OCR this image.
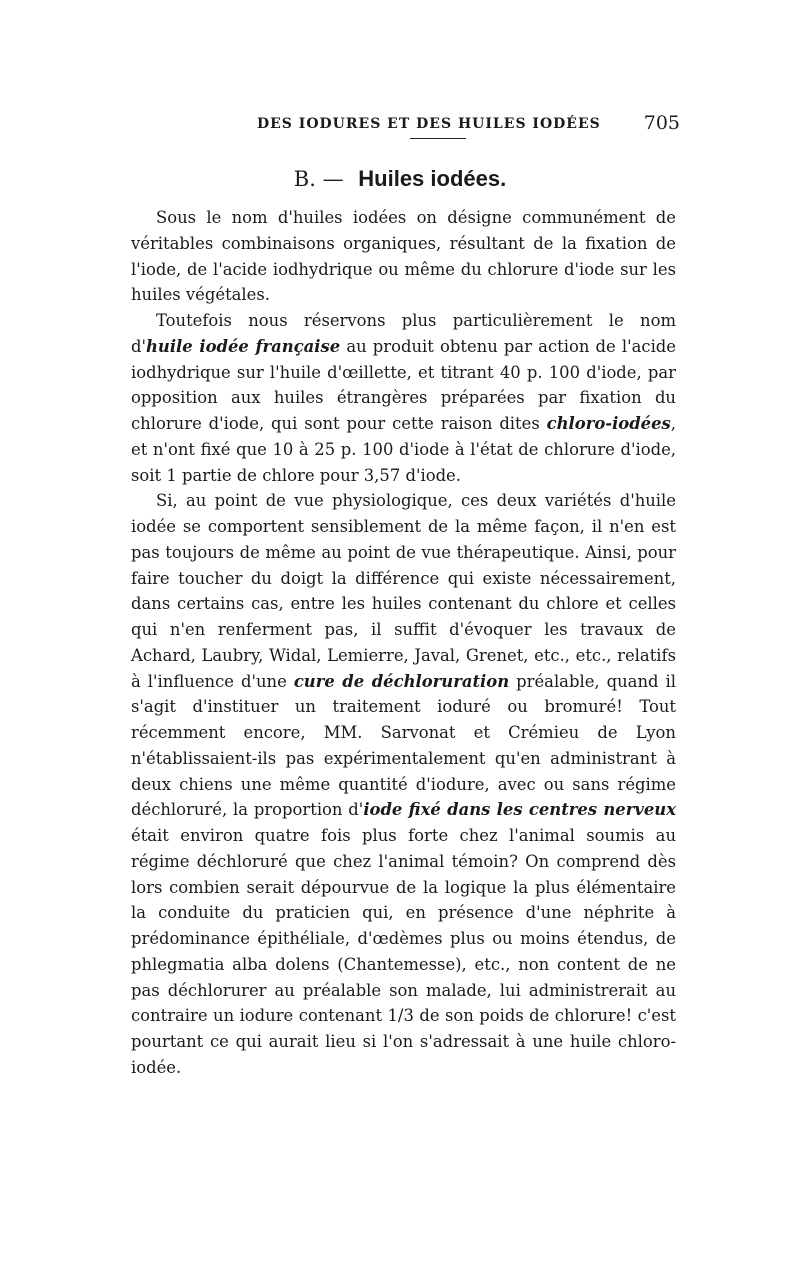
DES IODURES ET DES HUILES IODÉES 705
B. — Huiles iodées.

Sous le nom d'huiles iodées on désigne communément de véritables combinaisons organiques, résultant de la fixation de l'iode, de l'acide iodhydrique ou même du chlorure d'iode sur les huiles végétales.

Toutefois nous réservons plus particulièrement le nom d'huile iodée française au produit obtenu par action de l'acide iodhydrique sur l'huile d'œillette, et titrant 40 p. 100 d'iode, par opposition aux huiles étrangères préparées par fixation du chlorure d'iode, qui sont pour cette raison dites chloro-iodées, et n'ont fixé que 10 à 25 p. 100 d'iode à l'état de chlorure d'iode, soit 1 partie de chlore pour 3,57 d'iode.

Si, au point de vue physiologique, ces deux variétés d'huile iodée se comportent sensiblement de la même façon, il n'en est pas toujours de même au point de vue thérapeutique. Ainsi, pour faire toucher du doigt la différence qui existe nécessairement, dans certains cas, entre les huiles contenant du chlore et celles qui n'en renferment pas, il suffit d'évoquer les travaux de Achard, Laubry, Widal, Lemierre, Javal, Grenet, etc., etc., relatifs à l'influence d'une cure de déchloruration préalable, quand il s'agit d'instituer un traitement ioduré ou bromuré! Tout récemment encore, MM. Sarvonat et Crémieu de Lyon n'établissaient-ils pas expérimentalement qu'en administrant à deux chiens une même quantité d'iodure, avec ou sans régime déchloruré, la proportion d'iode fixé dans les centres nerveux était environ quatre fois plus forte chez l'animal soumis au régime déchloruré que chez l'animal témoin? On comprend dès lors combien serait dépourvue de la logique la plus élémentaire la conduite du praticien qui, en présence d'une néphrite à prédominance épithéliale, d'œdèmes plus ou moins étendus, de phlegmatia alba dolens (Chantemesse), etc., non content de ne pas déchlorurer au préalable son malade, lui administrerait au contraire un iodure contenant 1/3 de son poids de chlorure! c'est pourtant ce qui aurait lieu si l'on s'adressait à une huile chloro-iodée.
